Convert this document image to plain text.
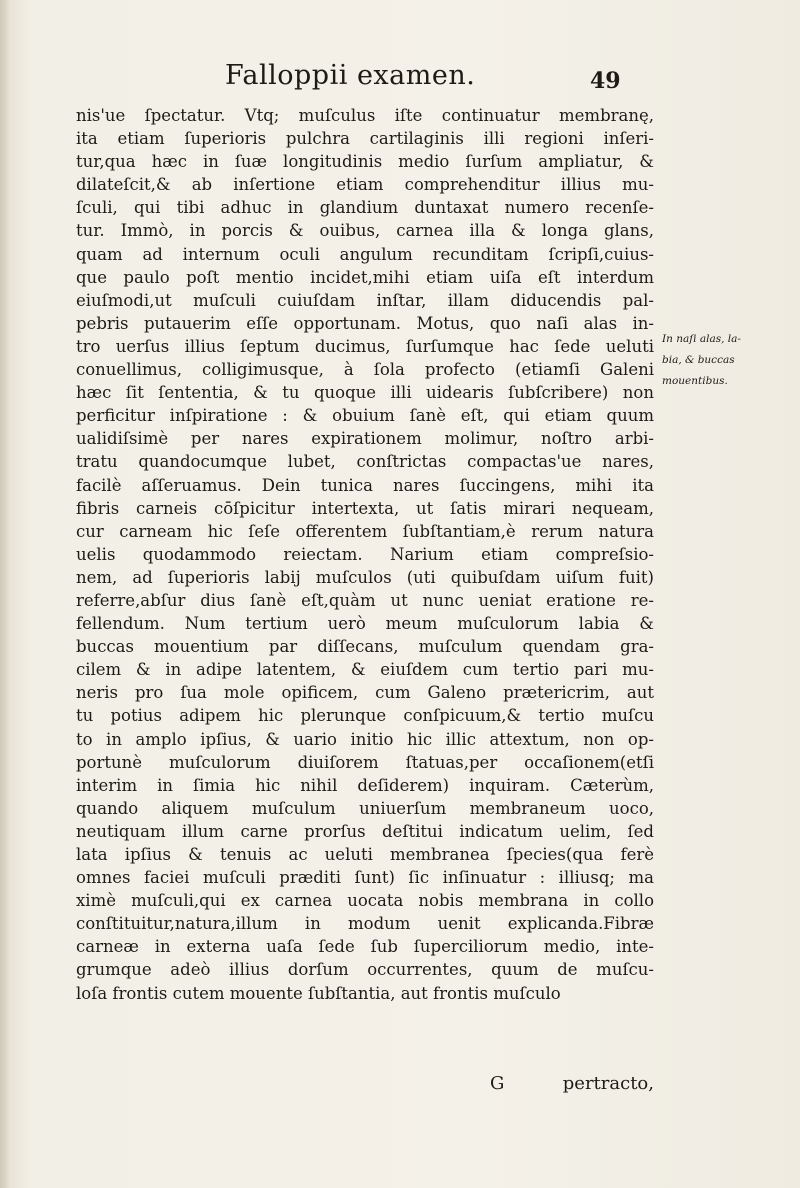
Falloppii examen.	49
nis'ue ſpectatur. Vtq; muſculus iſte continuatur membranę,
ita etiam ſuperioris pulchra cartilaginis illi regioni inſeri-
tur,qua hæc in ſuæ longitudinis medio ſurſum ampliatur, &
dilateſcit,& ab inſertione etiam comprehenditur illius mu-
ſculi, qui tibi adhuc in glandium duntaxat numero recenſe-
tur. Immò, in porcis & ouibus, carnea illa & longa glans,
quam ad internum oculi angulum recunditam ſcripſi,cuius-
que paulo poſt mentio incidet,mihi etiam uiſa eſt interdum
eiuſmodi,ut muſculi cuiuſdam inſtar, illam diducendis pal-
pebris putauerim eſſe opportunam. Motus, quo naſi alas in-
tro uerſus illius ſeptum ducimus, ſurſumque hac ſede ueluti
conuellimus, colligimusque, à ſola profecto (etiamſi Galeni
hæc ſit ſententia, & tu quoque illi uidearis ſubſcribere) non
perficitur inſpiratione : & obuium ſanè eſt, qui etiam quum
ualidiſsimè per nares expirationem molimur, noſtro arbi-
tratu quandocumque lubet, conſtrictas compactas'ue nares,
facilè aſſeruamus. Dein tunica nares ſuccingens, mihi ita
fibris carneis cōſpicitur intertexta, ut ſatis mirari nequeam,
cur carneam hic ſeſe offerentem ſubſtantiam,è rerum natura
uelis quodammodo reiectam. Narium etiam compreſsio-
nem, ad ſuperioris labij muſculos (uti quibuſdam uiſum fuit)
referre,abſur dius ſanè eſt,quàm ut nunc ueniat eratione re-
fellendum. Num tertium uerò meum muſculorum labia &
buccas mouentium par diſſecans, muſculum quendam gra-
cilem & in adipe latentem, & eiuſdem cum tertio pari mu-
neris pro ſua mole opificem, cum Galeno prætericrim, aut
tu potius adipem hic plerunque conſpicuum,& tertio muſcu
to in amplo ipſius, & uario initio hic illic attextum, non op-
portunè muſculorum diuiſorem ſtatuas,per occaſionem(etſi
interim in ſimia hic nihil deſiderem) inquiram. Cæterùm,
quando aliquem muſculum uniuerſum membraneum uoco,
neutiquam illum carne prorſus deſtitui indicatum uelim, ſed
lata ipſius & tenuis ac ueluti membranea ſpecies(qua ferè
omnes faciei muſculi præditi ſunt) ſic inſinuatur : illiusq; ma
ximè muſculi,qui ex carnea uocata nobis membrana in collo
conſtituitur,natura,illum in modum uenit explicanda.Fibræ
carneæ in externa uaſa ſede ſub ſuperciliorum medio, inte-
grumque adeò illius dorſum occurrentes, quum de muſcu-
loſa frontis cutem mouente ſubſtantia, aut frontis muſculo
In naſi alas, la-
bia, & buccas
mouentibus.
G	pertracto,
